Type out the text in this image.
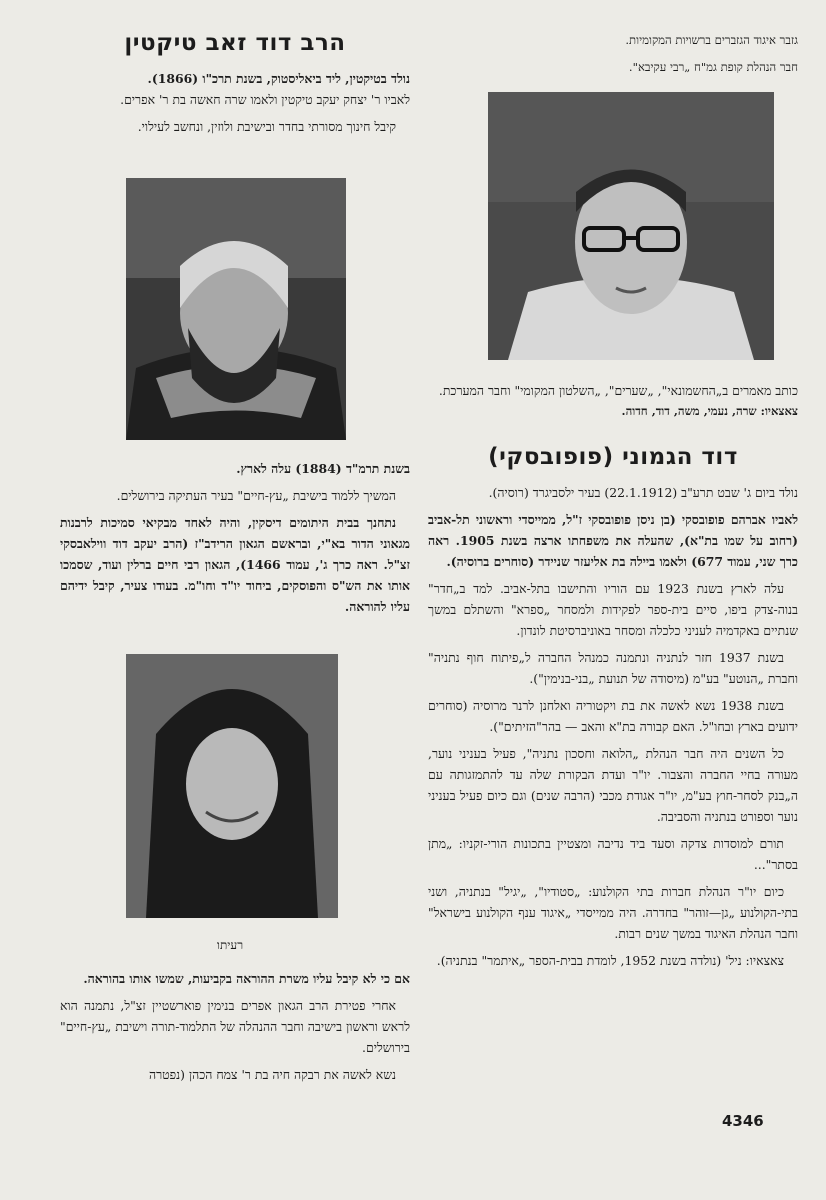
גזבר איגוד הגזברים ברשויות המקומיות.

חבר הנהלת קופת גמ"ח „רבי עקיבא".

כותב מאמרים ב„החשמונאי", „שערים", „השלטון המקומי" וחבר המערכת.

צאצאיו: שרה, נעמי, משה, דוד, חדוה.

דוד הגמוני (פופובסקי)

נולד ביום ג' שבט תרע"ב (22.1.1912) בעיר ילסביגרד (רוסיה).

לאביו אברהם פופובסקי (בן ניסן פופובסקי ז"ל, ממייסדי וראשוני תל-אביב (רחוב על שמו בת"א), שהעלה את משפחתו ארצה בשנת 1905. ראה כרך שני, עמוד 677) ולאמו ביילה בת אליעזר שניידר (סוחרים ברוסיה).

עלה לארץ בשנת 1923 עם הוריו והתישבו בתל-אביב. למד ב„חדר" בנוה-צדק ביפו, סיים בית-ספר לפקידות ולמסחר „ספרא" והשתלם במשך שנתיים באקדמיה לעניני כלכלה ומסחר באוניברסיטת לונדון.

בשנת 1937 חזר לנתניה ונתמנה כמנהל החברה ל„פיתוח חוף נתניה" וחברת „הנוטע" בע"מ (מיסודה של תנועת „בני-בנימין").

בשנת 1938 נשא לאשה את בת ויקטוריה ואלחנן לרנר מרוסיה (סוחרים ידועים בארץ ובחו"ל. האם קבורה בת"א והאב — בהר"הזיתים").

כל השנים היה חבר הנהלת „הלואה וחסכון נתניה", פעיל בעניני נוער, מעורה בחיי החברה והצבור. יו"ר ועדת הבקורת שלה עד להתמזגותה עם ה„בנק לסחר-חוץ בע"מ, יו"ר אגודת מכבי (הרבה שנים) וגם כיום פעיל בעניני נוער וספורט בנתניה והסביבה.

תורם למוסדות צדקה וסעד ביד נדיבה ומצטיין בתכונות הורי-זקניו: „מתן בסתר"...

כיום יו"ר הנהלת חברות בתי הקולנוע: „סטודיו", „יגיל" בנתניה, ושני בתי-הקולנוע „גן—זוהר" בחדרה. היה ממייסדי „איגוד ענף הקולנוע בישראל" וחבר הנהלת האיגוד במשך שנים רבות.

צאצאיו: ניל' (נולדה בשנת 1952, לומדת בבית-הספר „איתמר" בנתניה).

הרב דוד זאב טיקטין

נולד בטיקטין, ליד ביאליסטוק, בשנת תרכ"ו (1866).

לאביו ר' יצחק יעקב טיקטין ולאמו שרה חאשה בת ר' אפרים.

קיבל חינוך מסורתי בחדר ובישיבת ולוזין, ונחשב לעילוי.

בשנת תרמ"ד (1884) עלה לארץ.

המשיך ללמוד בישיבת „עץ-חיים" בעיר העתיקה בירושלים.

נתחנך בבית היתומים דיסקין, והיה לאחד מבקיאי סמיכות לרבנות מגאוני הדור בא"י, ובראשם הגאון הרידב"ז (הרב יעקב דוד ווילאבסקי זצ"ל. ראה כרך ג', עמוד 1466), הגאון רבי חיים ברלין ועוד, שסמכו אותו את הש"ס והפוסקים, ביחוד יו"ד וחו"מ. בעודו צעיר, קיבל ידיהם עליו להוראה.

רעיתו

אם כי לא קיבל עליו משרת ההוראה בקביעות, שמשו אותו בהוראה.

אחרי פטירת הרב הגאון אפרים בנימין פוארשטיין זצ"ל, נתמנה הוא לראש וראשון בישיבה וחבר ההנהלה של התלמוד-תורה וישיבת „עץ-חיים" בירושלים.

נשא לאשה את רבקה חיה בת ר' צמח הכהן (נפטרה

4346
